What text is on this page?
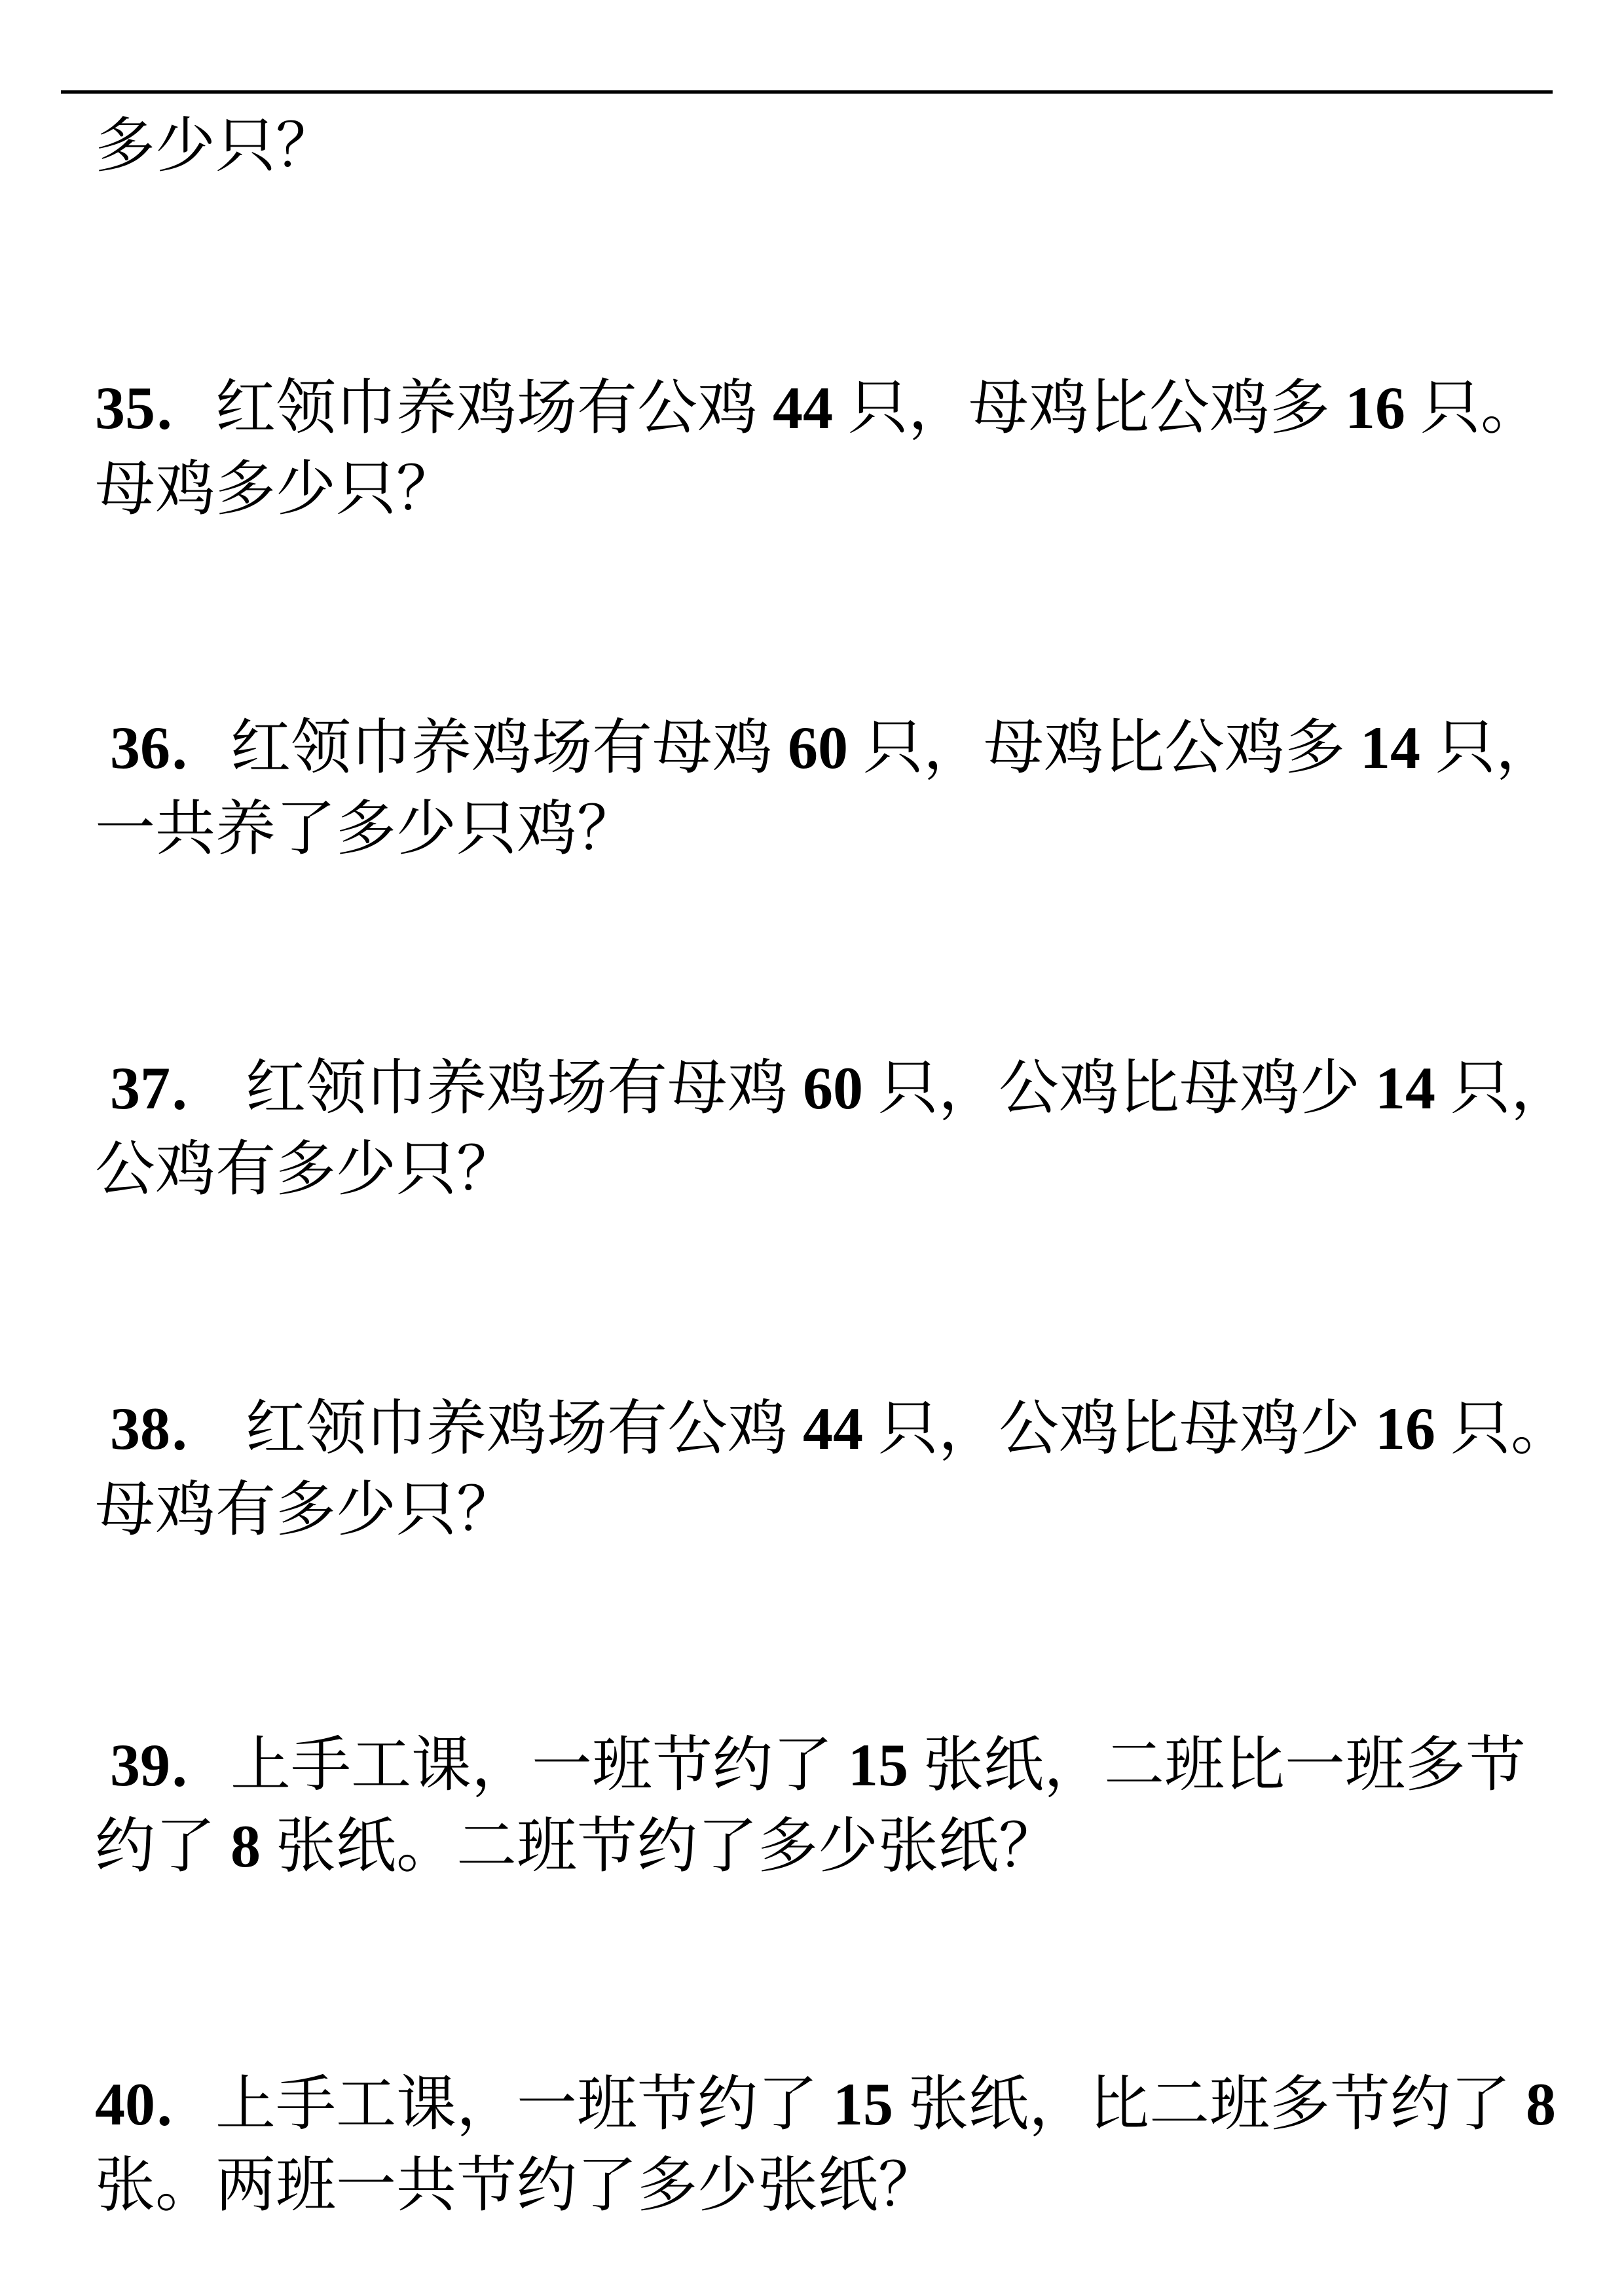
多少只？
35．红领巾养鸡场有公鸡 44 只，母鸡比公鸡多 16 只。
母鸡多少只？
36．红领巾养鸡场有母鸡 60 只，母鸡比公鸡多 14 只，
一共养了多少只鸡？
37． 红领巾养鸡场有母鸡 60 只，公鸡比母鸡少 14 只，
公鸡有多少只？
38． 红领巾养鸡场有公鸡 44 只，公鸡比母鸡少 16 只。
母鸡有多少只？
39．上手工课，一班节约了 15 张纸，二班比一班多节
约了 8 张纸。二班节约了多少张纸？
40．上手工课，一班节约了 15 张纸，比二班多节约了 8
张。两班一共节约了多少张纸？
